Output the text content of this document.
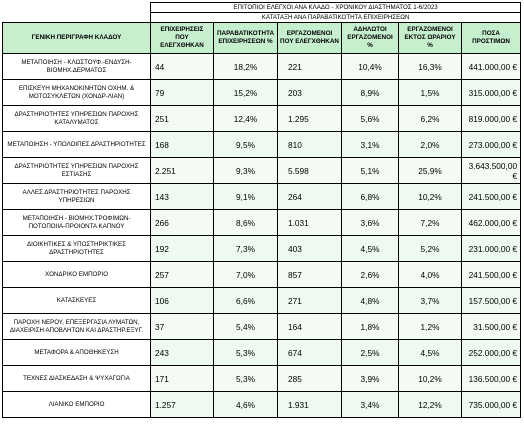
	ΕΠΙΤΟΠΙΟΙ ΕΛΕΓΧΟΙ ΑΝΑ ΚΛΑΔΟ - ΧΡΟΝΙΚΟΥ ΔΙΑΣΤΗΜΑΤΟΣ 1-6/2023					
	ΚΑΤΑΤΑΞΗ ΑΝΑ ΠΑΡΑΒΑΤΙΚΟΤΗΤΑ ΕΠΙΧΕΙΡΗΣΕΩΝ					
ΓΕΝΙΚΗ ΠΕΡΙΓΡΑΦΗ ΚΛΑΔΟΥ	ΕΠΙΧΕΙΡΗΣΕΙΣ ΠΟΥ ΕΛΕΓΧΘΗΚΑΝ	ΠΑΡΑΒΑΤΙΚΟΤΗΤΑ ΕΠΙΧΕΙΡΗΣΕΩΝ %	ΕΡΓΑΖΟΜΕΝΟΙ ΠΟΥ ΕΛΕΓΧΘΗΚΑΝ	ΑΔΗΛΩΤΟΙ ΕΡΓΑΖΟΜΕΝΟΙ %	ΕΡΓΑΖΟΜΕΝΟΙ ΕΚΤΟΣ ΩΡΑΡΙΟΥ %	ΠΟΣΑ ΠΡΟΣΤΙΜΩΝ
ΜΕΤΑΠΟΙΗΣΗ - ΚΛΩΣΤΟΥΦ.-ΕΝΔΥΣΗ-ΒΙΟΜΗΧ.ΔΕΡΜΑΤΟΣ	44	18,2%	221	10,4%	16,3%	441.000,00 €
ΕΠΙΣΚΕΥΗ ΜΗΧΑΝΟΚΙΝΗΤΩΝ ΟΧΗΜ. & ΜΟΤΟΣΥΚΛΕΤΩΝ (ΧΟΝΔΡ-ΛΙΑΝ)	79	15,2%	203	8,9%	1,5%	315.000,00 €
ΔΡΑΣΤΗΡΙΟΤΗΤΕΣ ΥΠΗΡΕΣΙΩΝ ΠΑΡΟΧΗΣ ΚΑΤΑΛΥΜΑΤΟΣ	251	12,4%	1.295	5,6%	6,2%	819.000,00 €
ΜΕΤΑΠΟΙΗΣΗ - ΥΠΟΛΟΙΠΕΣ ΔΡΑΣΤΗΡΙΟΤΗΤΕΣ	168	9,5%	810	3,1%	2,0%	273.000,00 €
ΔΡΑΣΤΗΡΙΟΤΗΤΕΣ ΥΠΗΡΕΣΙΩΝ ΠΑΡΟΧΗΣ ΕΣΤΙΑΣΗΣ	2.251	9,3%	5.598	5,1%	25,9%	3.643.500,00 €
ΑΛΛΕΣ ΔΡΑΣΤΗΡΙΟΤΗΤΕΣ ΠΑΡΟΧΗΣ ΥΠΗΡΕΣΙΩΝ	143	9,1%	264	6,8%	10,2%	241.500,00 €
ΜΕΤΑΠΟΙΗΣΗ - ΒΙΟΜΗΧ.ΤΡΟΦΙΜΩΝ-ΠΟΤΟΠΟΙΙΑ-ΠΡΟΙΟΝΤΑ ΚΑΠΝΟΥ	266	8,6%	1.031	3,6%	7,2%	462.000,00 €
ΔΙΟΙΚΗΤΙΚΕΣ & ΥΠΟΣΤΗΡΙΚΤΙΚΕΣ ΔΡΑΣΤΗΡΙΟΤΗΤΕΣ	192	7,3%	403	4,5%	5,2%	231.000,00 €
ΧΟΝΔΡΙΚΟ ΕΜΠΟΡΙΟ	257	7,0%	857	2,6%	4,0%	241.500,00 €
ΚΑΤΑΣΚΕΥΕΣ	106	6,6%	271	4,8%	3,7%	157.500,00 €
ΠΑΡΟΧΗ ΝΕΡΟΥ, ΕΠΕΞΕΡΓΑΣΙΑ ΛΥΜΑΤΩΝ, ΔΙΑΧΕΙΡΙΣΗ ΑΠΟΒΛΗΤΩΝ ΚΑΙ ΔΡΑΣΤΗΡ.ΕΞΥΓ.	37	5,4%	164	1,8%	1,2%	31.500,00 €
ΜΕΤΑΦΟΡΑ & ΑΠΟΘΗΚΕΥΣΗ	243	5,3%	674	2,5%	4,5%	252.000,00 €
ΤΕΧΝΕΣ ΔΙΑΣΚΕΔΑΣΗ & ΨΥΧΑΓΩΓΙΑ	171	5,3%	285	3,9%	10,2%	136.500,00 €
ΛΙΑΝΙΚΟ ΕΜΠΟΡΙΟ	1.257	4,6%	1.931	3,4%	12,2%	735.000,00 €
